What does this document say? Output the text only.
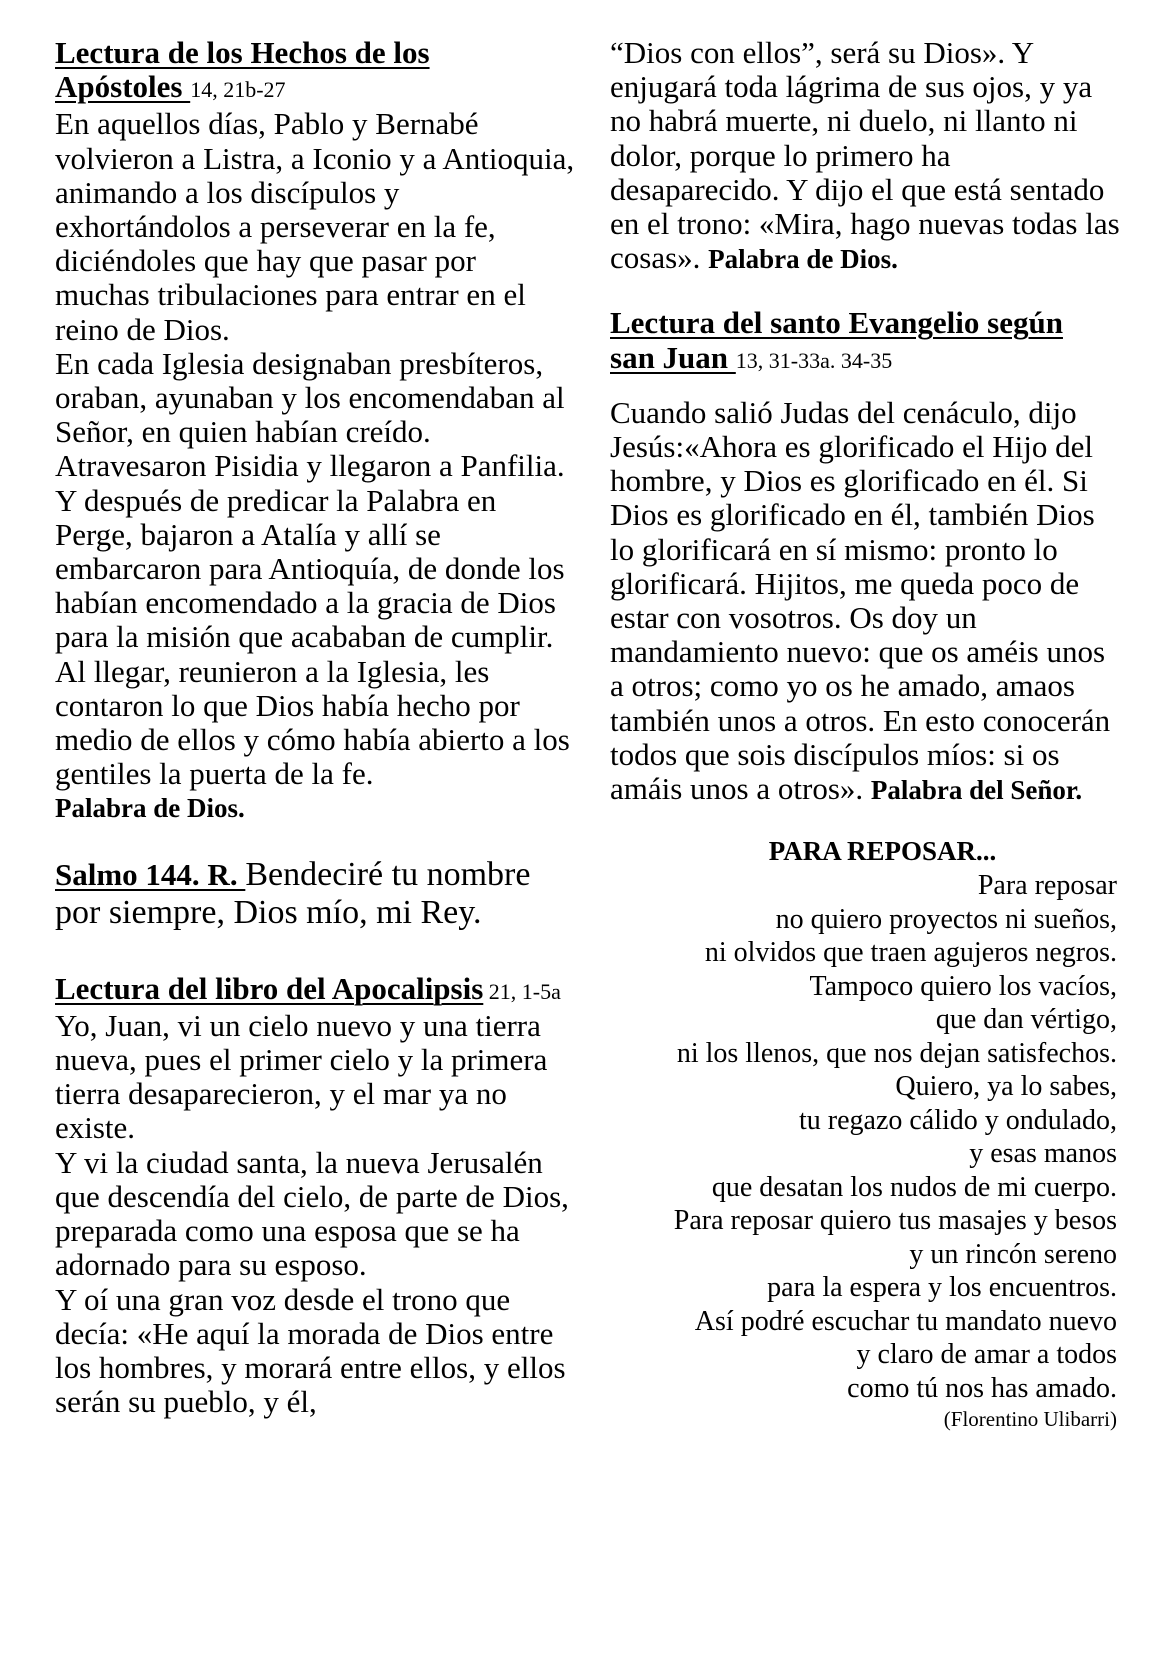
Lectura de los Hechos de los
Apóstoles 14, 21b-27

En aquellos días, Pablo y Bernabé volvieron a Listra, a Iconio y a Antioquia, animando a los discípulos y exhortándolos a perseverar en la fe, diciéndoles que hay que pasar por muchas tribulaciones para entrar en el reino de Dios.

En cada Iglesia designaban presbíteros, oraban, ayunaban y los encomendaban al Señor, en quien habían creído. Atravesaron Pisidia y llegaron a Panfilia. Y después de predicar la Palabra en Perge, bajaron a Atalía y allí se embarcaron para Antioquía, de donde los habían encomendado a la gracia de Dios para la misión que acababan de cumplir.

Al llegar, reunieron a la Iglesia, les contaron lo que Dios había hecho por medio de ellos y cómo había abierto a los gentiles la puerta de la fe.

Palabra de Dios.

Salmo 144. R. Bendeciré tu nombre por siempre, Dios mío, mi Rey.

Lectura del libro del Apocalipsis 21, 1-5a

Yo, Juan, vi un cielo nuevo y una tierra nueva, pues el primer cielo y la primera tierra desaparecieron, y el mar ya no existe.

Y vi la ciudad santa, la nueva Jerusalén que descendía del cielo, de parte de Dios, preparada como una esposa que se ha adornado para su esposo.

Y oí una gran voz desde el trono que decía: «He aquí la morada de Dios entre los hombres, y morará entre ellos, y ellos serán su pueblo, y él,

“Dios con ellos”, será su Dios». Y enjugará toda lágrima de sus ojos, y ya no habrá muerte, ni duelo, ni llanto ni dolor, porque lo primero ha desaparecido. Y dijo el que está sentado en el trono: «Mira, hago nuevas todas las cosas». Palabra de Dios.

Lectura del santo Evangelio según
san Juan 13, 31-33a. 34-35

Cuando salió Judas del cenáculo, dijo Jesús:«Ahora es glorificado el Hijo del hombre, y Dios es glorificado en él. Si Dios es glorificado en él, también Dios lo glorificará en sí mismo: pronto lo glorificará. Hijitos, me queda poco de estar con vosotros. Os doy un mandamiento nuevo: que os améis unos a otros; como yo os he amado, amaos también unos a otros. En esto conocerán todos que sois discípulos míos: si os amáis unos a otros». Palabra del Señor.

PARA REPOSAR...
Para reposar
no quiero proyectos ni sueños,
ni olvidos que traen agujeros negros.
Tampoco quiero los vacíos,
que dan vértigo,
ni los llenos, que nos dejan satisfechos.
Quiero, ya lo sabes,
tu regazo cálido y ondulado,
y esas manos
que desatan los nudos de mi cuerpo.
Para reposar quiero tus masajes y besos
y un rincón sereno
para la espera y los encuentros.
Así podré escuchar tu mandato nuevo
y claro de amar a todos
como tú nos has amado.
(Florentino Ulibarri)
